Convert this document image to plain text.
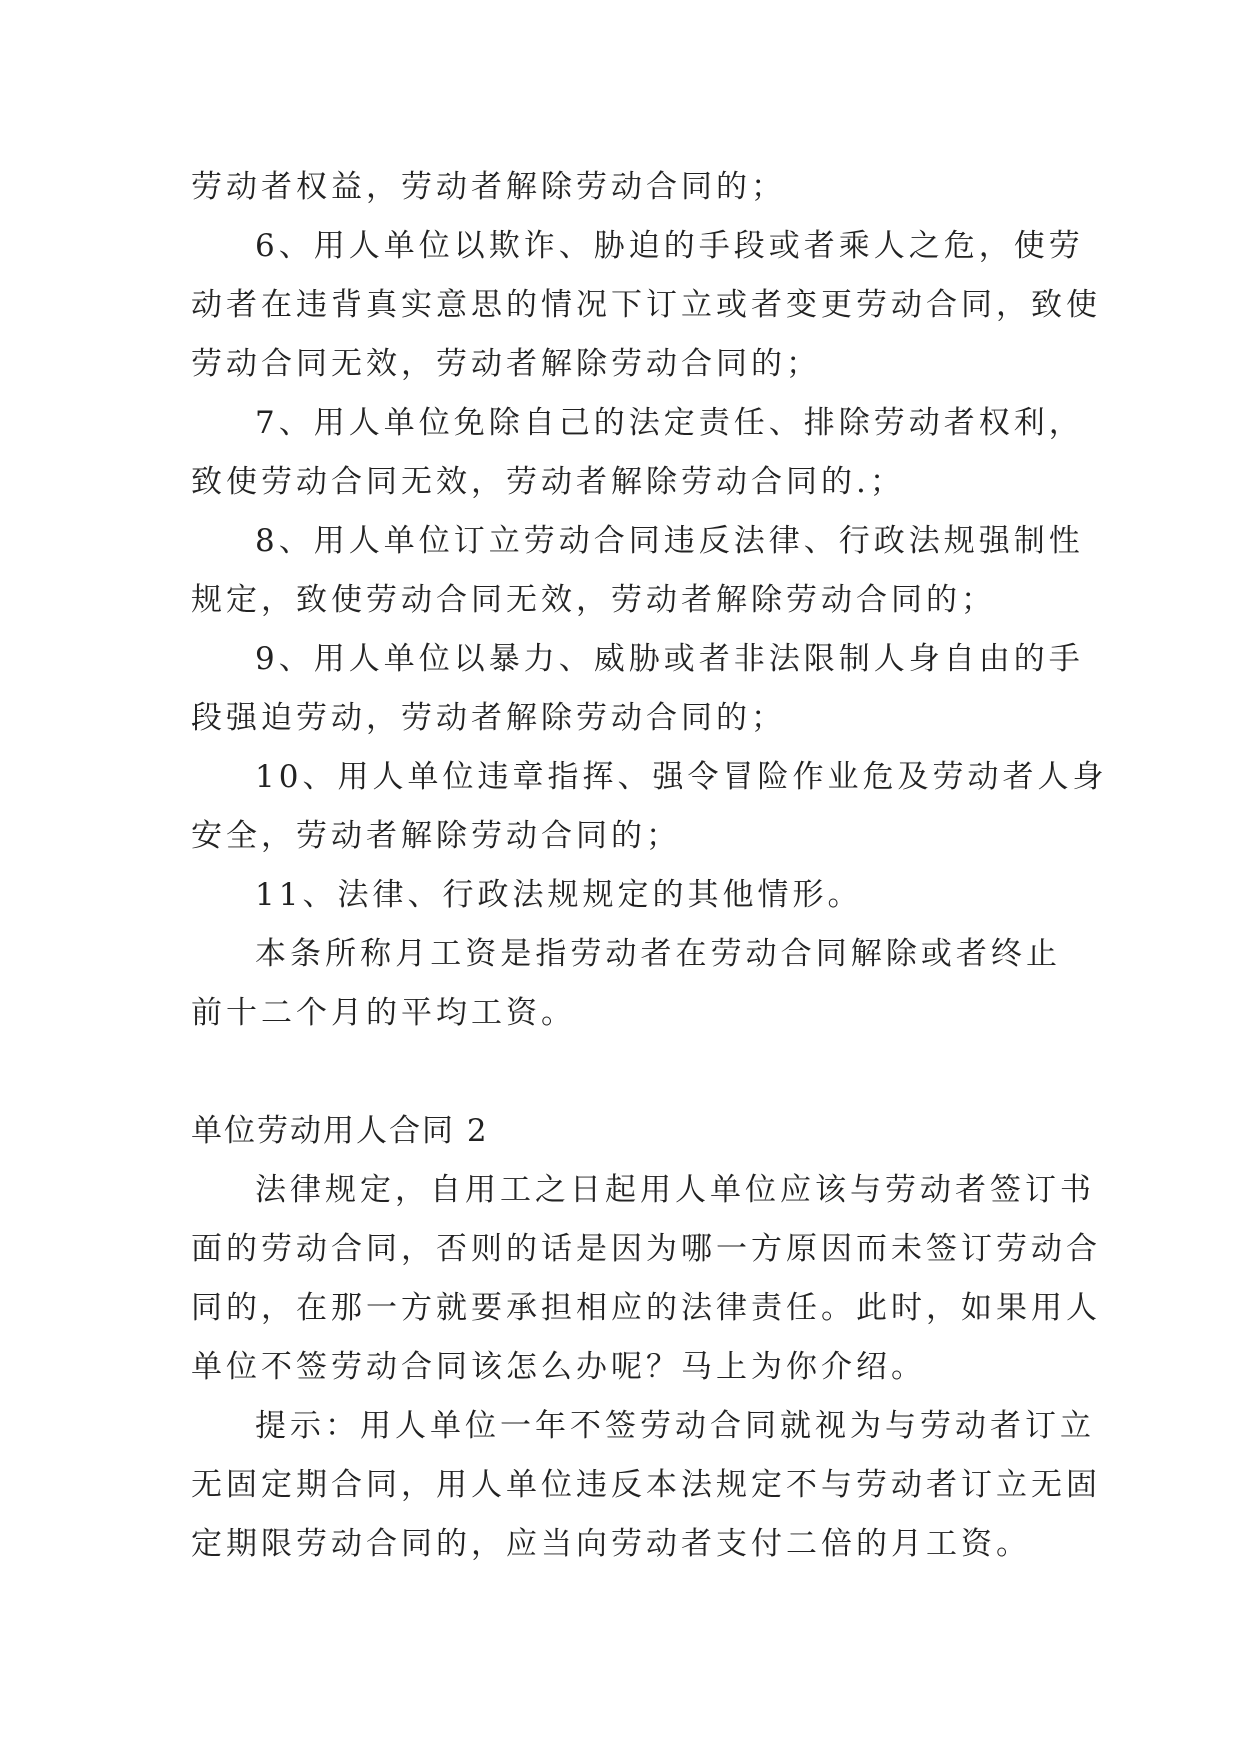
劳动者权益，劳动者解除劳动合同的；
6、用人单位以欺诈、胁迫的手段或者乘人之危，使劳
动者在违背真实意思的情况下订立或者变更劳动合同，致使
劳动合同无效，劳动者解除劳动合同的；
7、用人单位免除自己的法定责任、排除劳动者权利，
致使劳动合同无效，劳动者解除劳动合同的.；
8、用人单位订立劳动合同违反法律、行政法规强制性
规定，致使劳动合同无效，劳动者解除劳动合同的；
9、用人单位以暴力、威胁或者非法限制人身自由的手
段强迫劳动，劳动者解除劳动合同的；
10、用人单位违章指挥、强令冒险作业危及劳动者人身
安全，劳动者解除劳动合同的；
11、法律、行政法规规定的其他情形。
本条所称月工资是指劳动者在劳动合同解除或者终止
前十二个月的平均工资。
单位劳动用人合同 2
法律规定，自用工之日起用人单位应该与劳动者签订书
面的劳动合同，否则的话是因为哪一方原因而未签订劳动合
同的，在那一方就要承担相应的法律责任。此时，如果用人
单位不签劳动合同该怎么办呢？马上为你介绍。
提示：用人单位一年不签劳动合同就视为与劳动者订立
无固定期合同，用人单位违反本法规定不与劳动者订立无固
定期限劳动合同的，应当向劳动者支付二倍的月工资。
